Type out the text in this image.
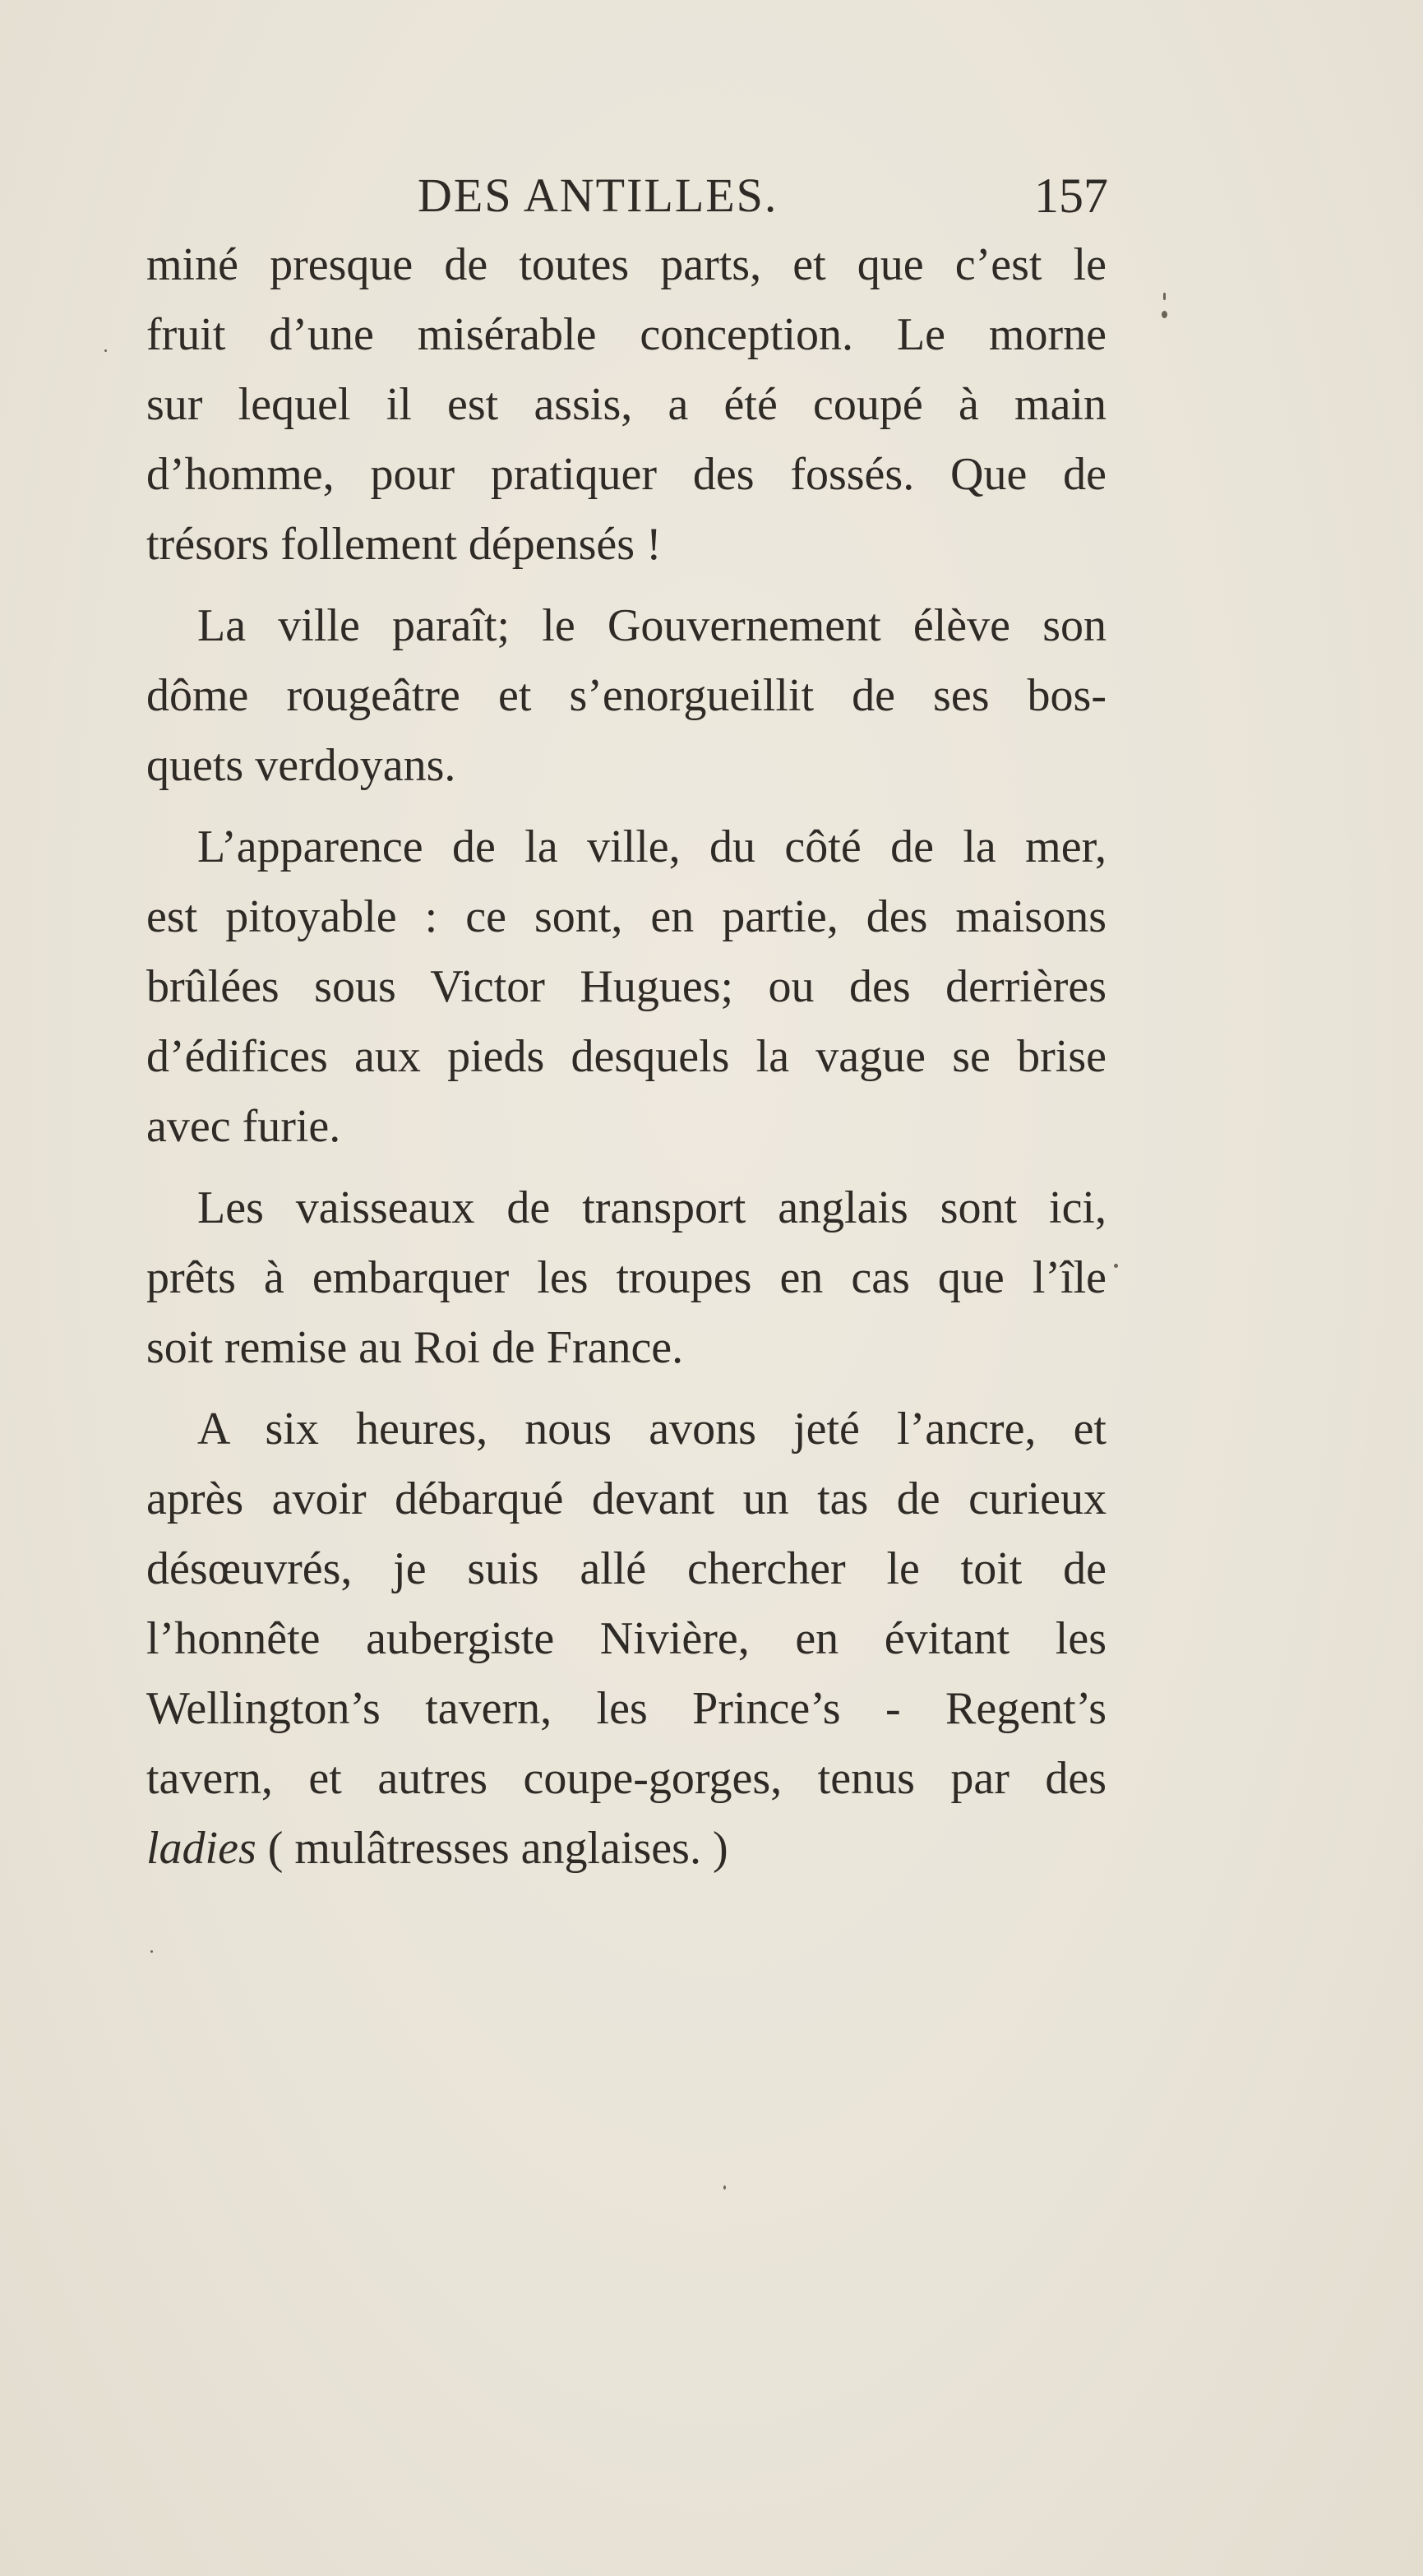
DES ANTILLES.	157
miné presque de toutes parts, et que c’est le
fruit d’une misérable conception. Le morne
sur lequel il est assis, a été coupé à main
d’homme, pour pratiquer des fossés. Que de
trésors follement dépensés !
La ville paraît; le Gouvernement élève son
dôme rougeâtre et s’enorgueillit de ses bos-
quets verdoyans.
L’apparence de la ville, du côté de la mer,
est pitoyable : ce sont, en partie, des maisons
brûlées sous Victor Hugues; ou des derrières
d’édifices aux pieds desquels la vague se brise
avec furie.
Les vaisseaux de transport anglais sont ici,
prêts à embarquer les troupes en cas que l’île
soit remise au Roi de France.
A six heures, nous avons jeté l’ancre, et
après avoir débarqué devant un tas de curieux
désœuvrés, je suis allé chercher le toit de
l’honnête aubergiste Nivière, en évitant les
Wellington’s tavern, les Prince’s - Regent’s
tavern, et autres coupe-gorges, tenus par des
ladies ( mulâtresses anglaises. )
